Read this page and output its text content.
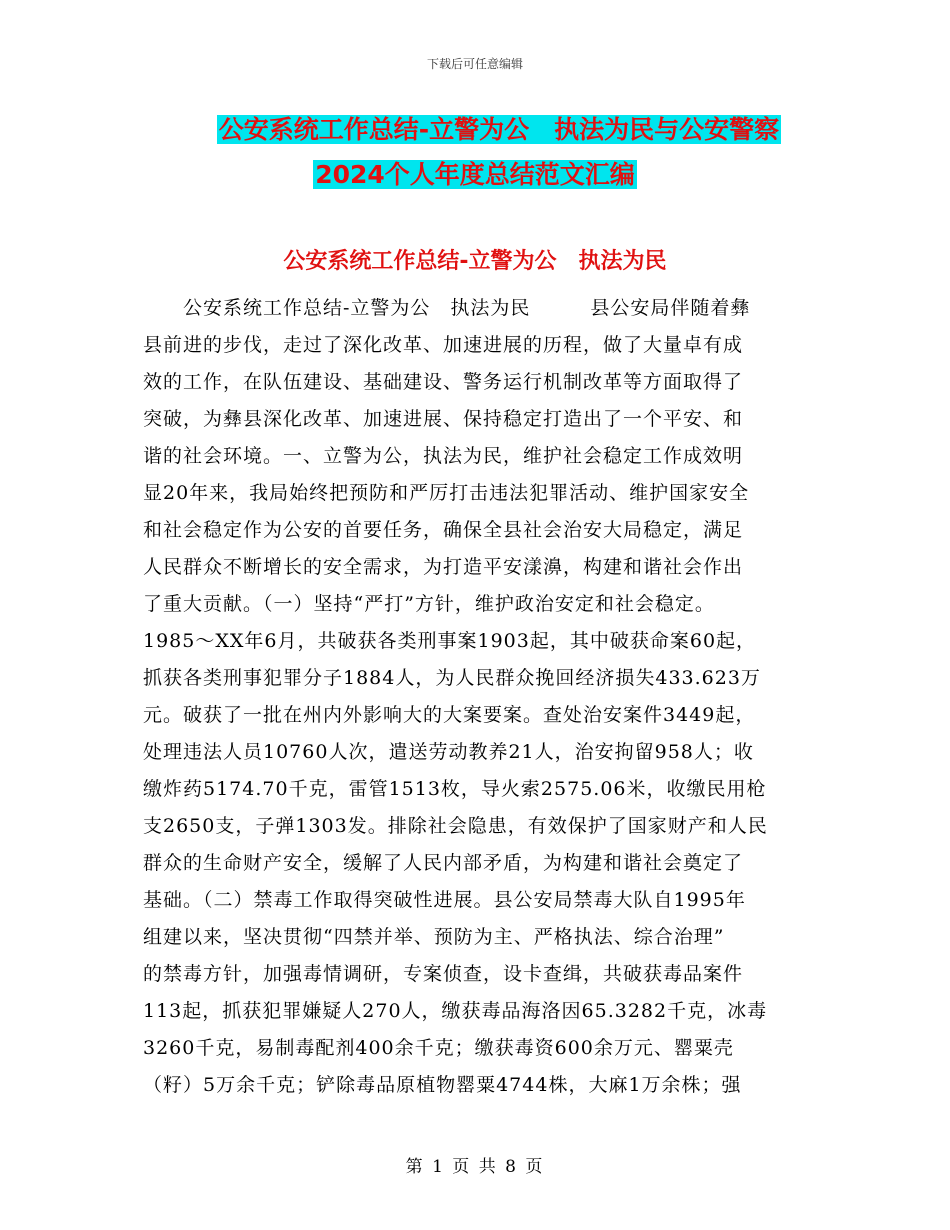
下载后可任意编辑
公安系统工作总结-立警为公　执法为民与公安警察
2024个人年度总结范文汇编
公安系统工作总结-立警为公　执法为民
　　公安系统工作总结-立警为公　执法为民　　　县公安局伴随着彝
县前进的步伐，走过了深化改革、加速进展的历程，做了大量卓有成
效的工作，在队伍建设、基础建设、警务运行机制改革等方面取得了
突破，为彝县深化改革、加速进展、保持稳定打造出了一个平安、和
谐的社会环境。一、立警为公，执法为民，维护社会稳定工作成效明
显20年来，我局始终把预防和严厉打击违法犯罪活动、维护国家安全
和社会稳定作为公安的首要任务，确保全县社会治安大局稳定，满足
人民群众不断增长的安全需求，为打造平安漾濞，构建和谐社会作出
了重大贡献。（一）坚持“严打”方针，维护政治安定和社会稳定。
1985～XX年6月，共破获各类刑事案1903起，其中破获命案60起，
抓获各类刑事犯罪分子1884人，为人民群众挽回经济损失433.623万
元。破获了一批在州内外影响大的大案要案。查处治安案件3449起，
处理违法人员10760人次，遣送劳动教养21人，治安拘留958人；收
缴炸药5174.70千克，雷管1513枚，导火索2575.06米，收缴民用枪
支2650支，子弹1303发。排除社会隐患，有效保护了国家财产和人民
群众的生命财产安全，缓解了人民内部矛盾，为构建和谐社会奠定了
基础。（二）禁毒工作取得突破性进展。县公安局禁毒大队自1995年
组建以来，坚决贯彻“四禁并举、预防为主、严格执法、综合治理”
的禁毒方针，加强毒情调研，专案侦查，设卡查缉，共破获毒品案件
113起，抓获犯罪嫌疑人270人，缴获毒品海洛因65.3282千克，冰毒
3260千克，易制毒配剂400余千克；缴获毒资600余万元、罂粟壳
（籽）5万余千克；铲除毒品原植物罂粟4744株，大麻1万余株；强
第 1 页 共 8 页
